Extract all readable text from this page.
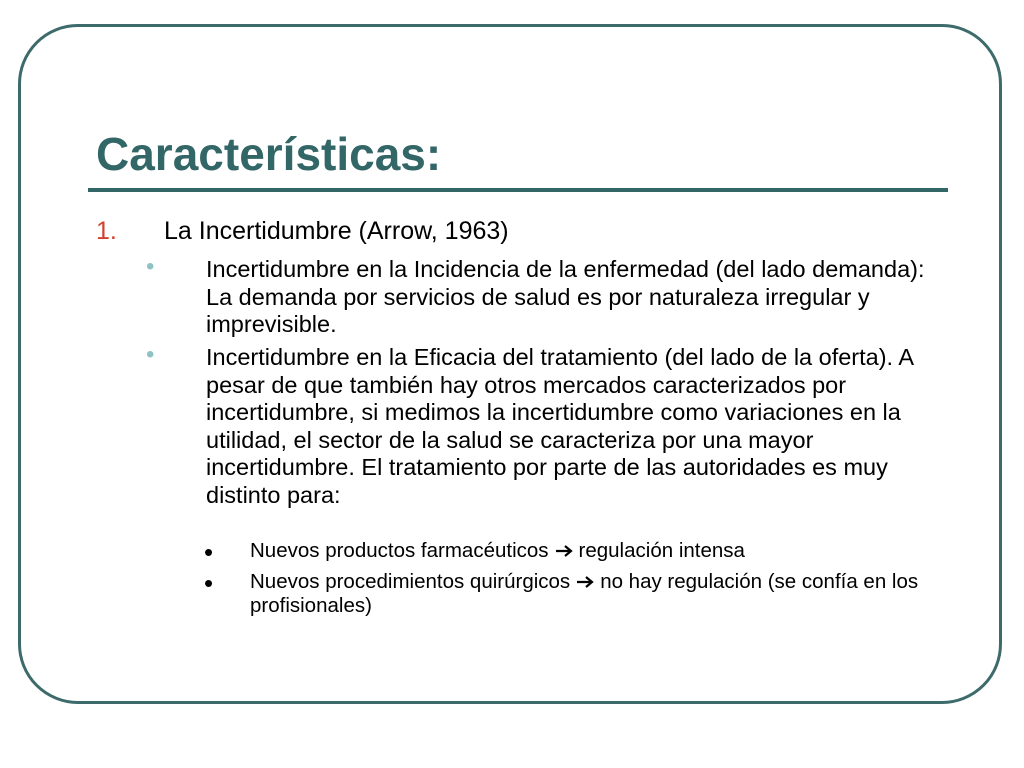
Características:
1. La Incertidumbre (Arrow, 1963)
• Incertidumbre en la Incidencia de la enfermedad (del lado demanda): La demanda por servicios de salud es por naturaleza irregular y imprevisible.
• Incertidumbre en la Eficacia del tratamiento (del lado de la oferta). A pesar de que también hay otros mercados caracterizados por incertidumbre, si medimos la incertidumbre como variaciones en la utilidad, el sector de la salud se caracteriza por una mayor incertidumbre. El tratamiento por parte de las autoridades es muy distinto para:
• Nuevos productos farmacéuticos regulación intensa
• Nuevos procedimientos quirúrgicos no hay regulación (se confía en los profisionales)
